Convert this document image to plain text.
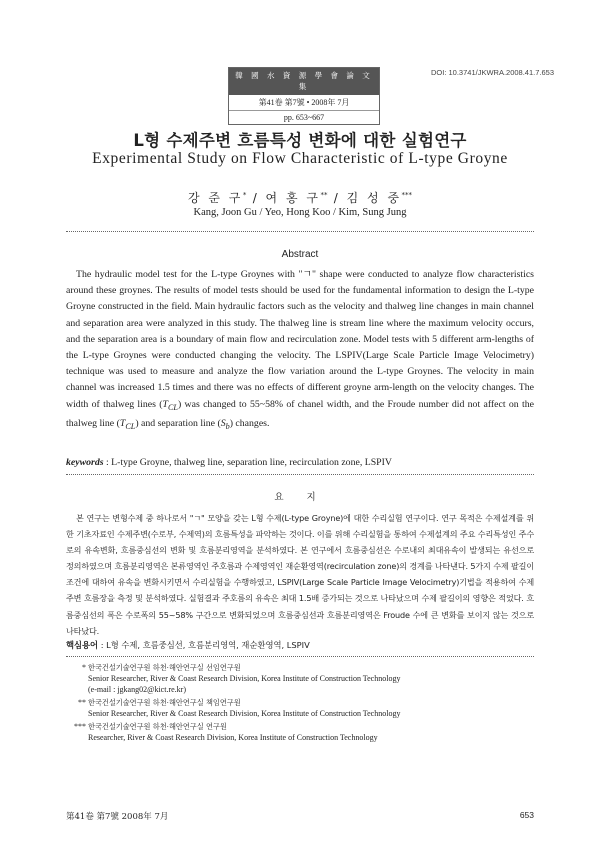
韓 國 水 資 源 學 會 論 文 集
第41卷 第7號 • 2008年 7月
pp. 653~667
DOI: 10.3741/JKWRA.2008.41.7.653
L형 수제주변 흐름특성 변화에 대한 실험연구
Experimental Study on Flow Characteristic of L-type Groyne
강 준 구* / 여 홍 구** / 김 성 중***
Kang, Joon Gu / Yeo, Hong Koo / Kim, Sung Jung
Abstract

The hydraulic model test for the L-type Groynes with "ㄱ" shape were conducted to analyze flow characteristics around these groynes. The results of model tests should be used for the fundamental information to design the L-type Groyne constructed in the field. Main hydraulic factors such as the velocity and thalweg line changes in main channel and separation area were analyzed in this study. The thalweg line is stream line where the maximum velocity occurs, and the separation area is a boundary of main flow and recirculation zone. Model tests with 5 different arm-lengths of the L-type Groynes were conducted changing the velocity. The LSPIV(Large Scale Particle Image Velocimetry) technique was used to measure and analyze the flow variation around the L-type Groynes. The velocity in main channel was increased 1.5 times and there was no effects of different groyne arm-length on the velocity changes. The width of thalweg lines $(T_{CL})$ was changed to 55~58% of chanel width, and the Froude number did not affect on the thalweg line $(T_{CL})$ and separation line $(S_b)$ changes.

keywords : L-type Groyne, thalweg line, separation line, recirculation zone, LSPIV
요 지

본 연구는 변형수제 중 하나로서 "ㄱ" 모양을 갖는 L형 수제(L-type Groyne)에 대한 수리실험 연구이다. 연구 목적은 수제설계를 위한 기초자료인 수제주변(수로부, 수제역)의 흐름특성을 파악하는 것이다. 이를 위해 수리실험을 통하여 수제설계의 주요 수리특성인 주수로의 유속변화, 흐름중심선의 변화 및 흐름분리영역을 분석하였다. 본 연구에서 흐름중심선은 수로내의 최대유속이 발생되는 유선으로 정의하였으며 흐름분리영역은 본류영역인 주호름과 수제영역인 재순환영역(recirculation zone)의 경계를 나타낸다. 5가지 수제 팔길이 조건에 대하여 유속을 변화시키면서 수리실험을 수행하였고, LSPIV(Large Scale Particle Image Velocimetry)기법을 적용하여 수제주변 흐름장을 측정 및 분석하였다. 실험결과 주호름의 유속은 최대 1.5배 증가되는 것으로 나타났으며 수제 팔길이의 영향은 적었다. 흐름중심선의 폭은 수로폭의 55~58% 구간으로 변화되었으며 흐름중심선과 흐름분리영역은 Froude 수에 큰 변화를 보이지 않는 것으로 나타났다.

핵심용어 : L형 수제, 흐름중심선, 흐름분리영역, 재순환영역, LSPIV
* 한국건설기술연구원 하천·해안연구실 선임연구원
Senior Researcher, River & Coast Research Division, Korea Institute of Construction Technology
(e-mail : jgkang02@kict.re.kr)
** 한국건설기술연구원 하천·해안연구실 책임연구원
Senior Researcher, River & Coast Research Division, Korea Institute of Construction Technology
*** 한국건설기술연구원 하천·해안연구실 연구원
Researcher, River & Coast Research Division, Korea Institute of Construction Technology
第41卷 第7號 2008年 7月	653
